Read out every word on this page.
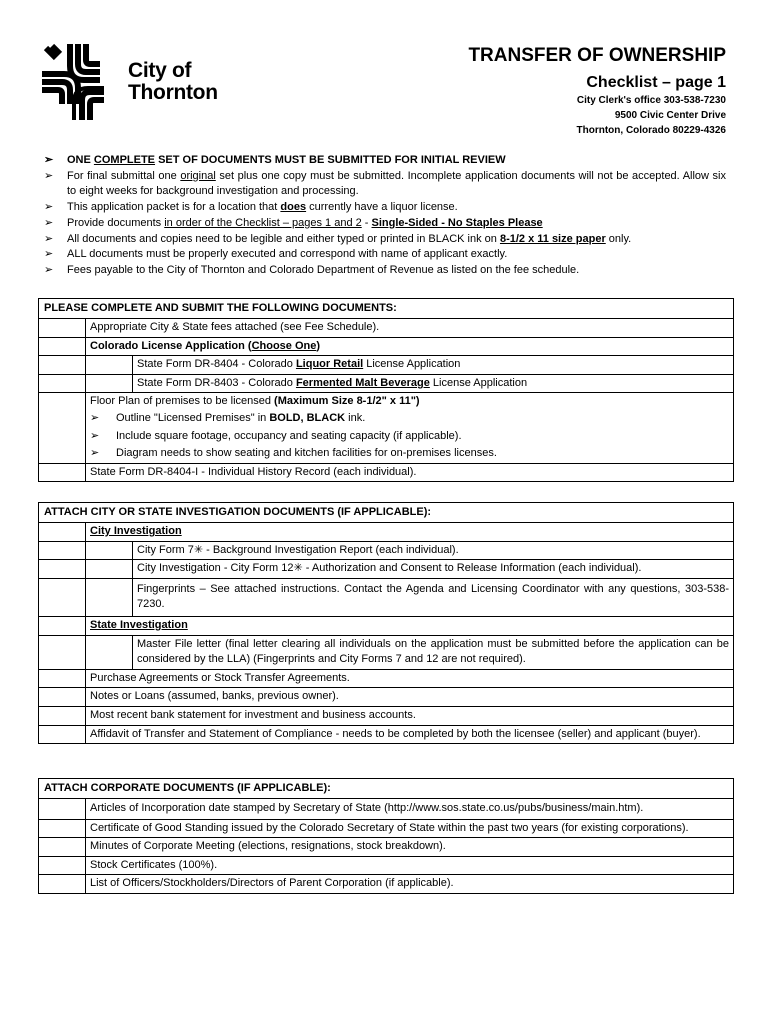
City of
Thornton
TRANSFER OF OWNERSHIP
Checklist – page 1
City Clerk's office 303-538-7230
9500 Civic Center Drive
Thornton, Colorado 80229-4326
➢ ONE COMPLETE SET OF DOCUMENTS MUST BE SUBMITTED FOR INITIAL REVIEW
➢ For final submittal one original set plus one copy must be submitted. Incomplete application documents will not be accepted. Allow six to eight weeks for background investigation and processing.
➢ This application packet is for a location that does currently have a liquor license.
➢ Provide documents in order of the Checklist – pages 1 and 2 - Single-Sided - No Staples Please
➢ All documents and copies need to be legible and either typed or printed in BLACK ink on 8-1/2 x 11 size paper only.
➢ ALL documents must be properly executed and correspond with name of applicant exactly.
➢ Fees payable to the City of Thornton and Colorado Department of Revenue as listed on the fee schedule.
PLEASE COMPLETE AND SUBMIT THE FOLLOWING DOCUMENTS:
Appropriate City & State fees attached (see Fee Schedule).
Colorado License Application (Choose One)
State Form DR-8404 - Colorado Liquor Retail License Application
State Form DR-8403 - Colorado Fermented Malt Beverage License Application
Floor Plan of premises to be licensed (Maximum Size 8-1/2" x 11")
➢ Outline "Licensed Premises" in BOLD, BLACK ink.
➢ Include square footage, occupancy and seating capacity (if applicable).
➢ Diagram needs to show seating and kitchen facilities for on-premises licenses.
State Form DR-8404-I - Individual History Record (each individual).
ATTACH CITY OR STATE INVESTIGATION DOCUMENTS (IF APPLICABLE):
City Investigation
City Form 7✳ - Background Investigation Report (each individual).
City Investigation - City Form 12✳ - Authorization and Consent to Release Information (each individual).
Fingerprints – See attached instructions. Contact the Agenda and Licensing Coordinator with any questions, 303-538-7230.
State Investigation
Master File letter (final letter clearing all individuals on the application must be submitted before the application can be considered by the LLA) (Fingerprints and City Forms 7 and 12 are not required).
Purchase Agreements or Stock Transfer Agreements.
Notes or Loans (assumed, banks, previous owner).
Most recent bank statement for investment and business accounts.
Affidavit of Transfer and Statement of Compliance - needs to be completed by both the licensee (seller) and applicant (buyer).
ATTACH CORPORATE DOCUMENTS (IF APPLICABLE):
Articles of Incorporation date stamped by Secretary of State (http://www.sos.state.co.us/pubs/business/main.htm).
Certificate of Good Standing issued by the Colorado Secretary of State within the past two years (for existing corporations).
Minutes of Corporate Meeting (elections, resignations, stock breakdown).
Stock Certificates (100%).
List of Officers/Stockholders/Directors of Parent Corporation (if applicable).
